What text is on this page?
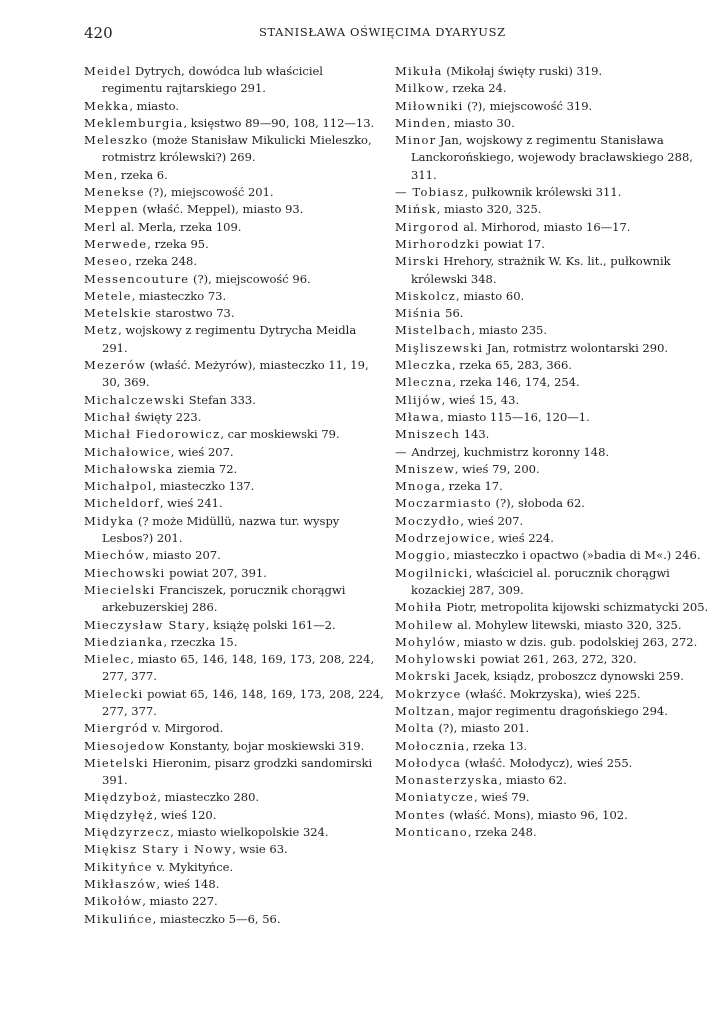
420	STANISŁAWA OŚWIĘCIMA DYARYUSZ

Meidel Dytrych, dowódca lub właściciel regimentu rajtarskiego 291.

Mekka, miasto.

Meklemburgia, księstwo 89—90, 108, 112—13.

Meleszko (może Stanisław Mikulicki Mieleszko, rotmistrz królewski?) 269.

Men, rzeka 6.

Menekse (?), miejscowość 201.

Meppen (właść. Meppel), miasto 93.

Merl al. Merla, rzeka 109.

Merwede, rzeka 95.

Meseo, rzeka 248.

Messencouture (?), miejscowość 96.

Metele, miasteczko 73.

Metelskie starostwo 73.

Metz, wojskowy z regimentu Dytrycha Meidla 291.

Mezerów (właść. Meżyrów), miasteczko 11, 19, 30, 369.

Michalczewski Stefan 333.

Michał święty 223.

Michał Fiedorowicz, car moskiewski 79.

Michałowice, wieś 207.

Michałowska ziemia 72.

Michałpol, miasteczko 137.

Micheldorf, wieś 241.

Midyka (? może Midüllü, nazwa tur. wyspy Lesbos?) 201.

Miechów, miasto 207.

Miechowski powiat 207, 391.

Miecielski Franciszek, porucznik chorągwi arkebuzerskiej 286.

Mieczysław Stary, książę polski 161—2.

Miedzianka, rzeczka 15.

Mielec, miasto 65, 146, 148, 169, 173, 208, 224, 277, 377.

Mielecki powiat 65, 146, 148, 169, 173, 208, 224, 277, 377.

Miergród v. Mirgorod.

Miesojedow Konstanty, bojar moskiewski 319.

Mietelski Hieronim, pisarz grodzki sandomirski 391.

Międzyboż, miasteczko 280.

Międzyłęż, wieś 120.

Międzyrzecz, miasto wielkopolskie 324.

Miękisz Stary i Nowy, wsie 63.

Mikityńce v. Mykityńce.

Mikłaszów, wieś 148.

Mikołów, miasto 227.

Mikulińce, miasteczko 5—6, 56.

Mikuła (Mikołaj święty ruski) 319.

Milkow, rzeka 24.

Miłowniki (?), miejscowość 319.

Minden, miasto 30.

Minor Jan, wojskowy z regimentu Stanisława Lanckorońskiego, wojewody bracławskiego 288, 311.

— Tobiasz, pułkownik królewski 311.

Mińsk, miasto 320, 325.

Mirgorod al. Mirhorod, miasto 16—17.

Mirhorodzki powiat 17.

Mirski Hrehory, strażnik W. Ks. lit., pułkownik królewski 348.

Miskolcz, miasto 60.

Miśnia 56.

Mistelbach, miasto 235.

Mişliszewski Jan, rotmistrz wolontarski 290.

Mleczka, rzeka 65, 283, 366.

Mleczna, rzeka 146, 174, 254.

Mlijów, wieś 15, 43.

Mława, miasto 115—16, 120—1.

Mniszech 143.

— Andrzej, kuchmistrz koronny 148.

Mniszew, wieś 79, 200.

Mnoga, rzeka 17.

Moczarmiasto (?), słoboda 62.

Moczydło, wieś 207.

Modrzejowice, wieś 224.

Moggio, miasteczko i opactwo (»badia di M«.) 246.

Mogilnicki, właściciel al. porucznik chorągwi kozackiej 287, 309.

Mohiła Piotr, metropolita kijowski schizmatycki 205.

Mohilew al. Mohylew litewski, miasto 320, 325.

Mohylów, miasto w dzis. gub. podolskiej 263, 272.

Mohylowski powiat 261, 263, 272, 320.

Mokrski Jacek, ksiądz, proboszcz dynowski 259.

Mokrzyce (właść. Mokrzyska), wieś 225.

Moltzan, major regimentu dragońskiego 294.

Molta (?), miasto 201.

Mołocznia, rzeka 13.

Mołodyca (właść. Mołodycz), wieś 255.

Monasterzyska, miasto 62.

Moniatycze, wieś 79.

Montes (właść. Mons), miasto 96, 102.

Monticano, rzeka 248.
